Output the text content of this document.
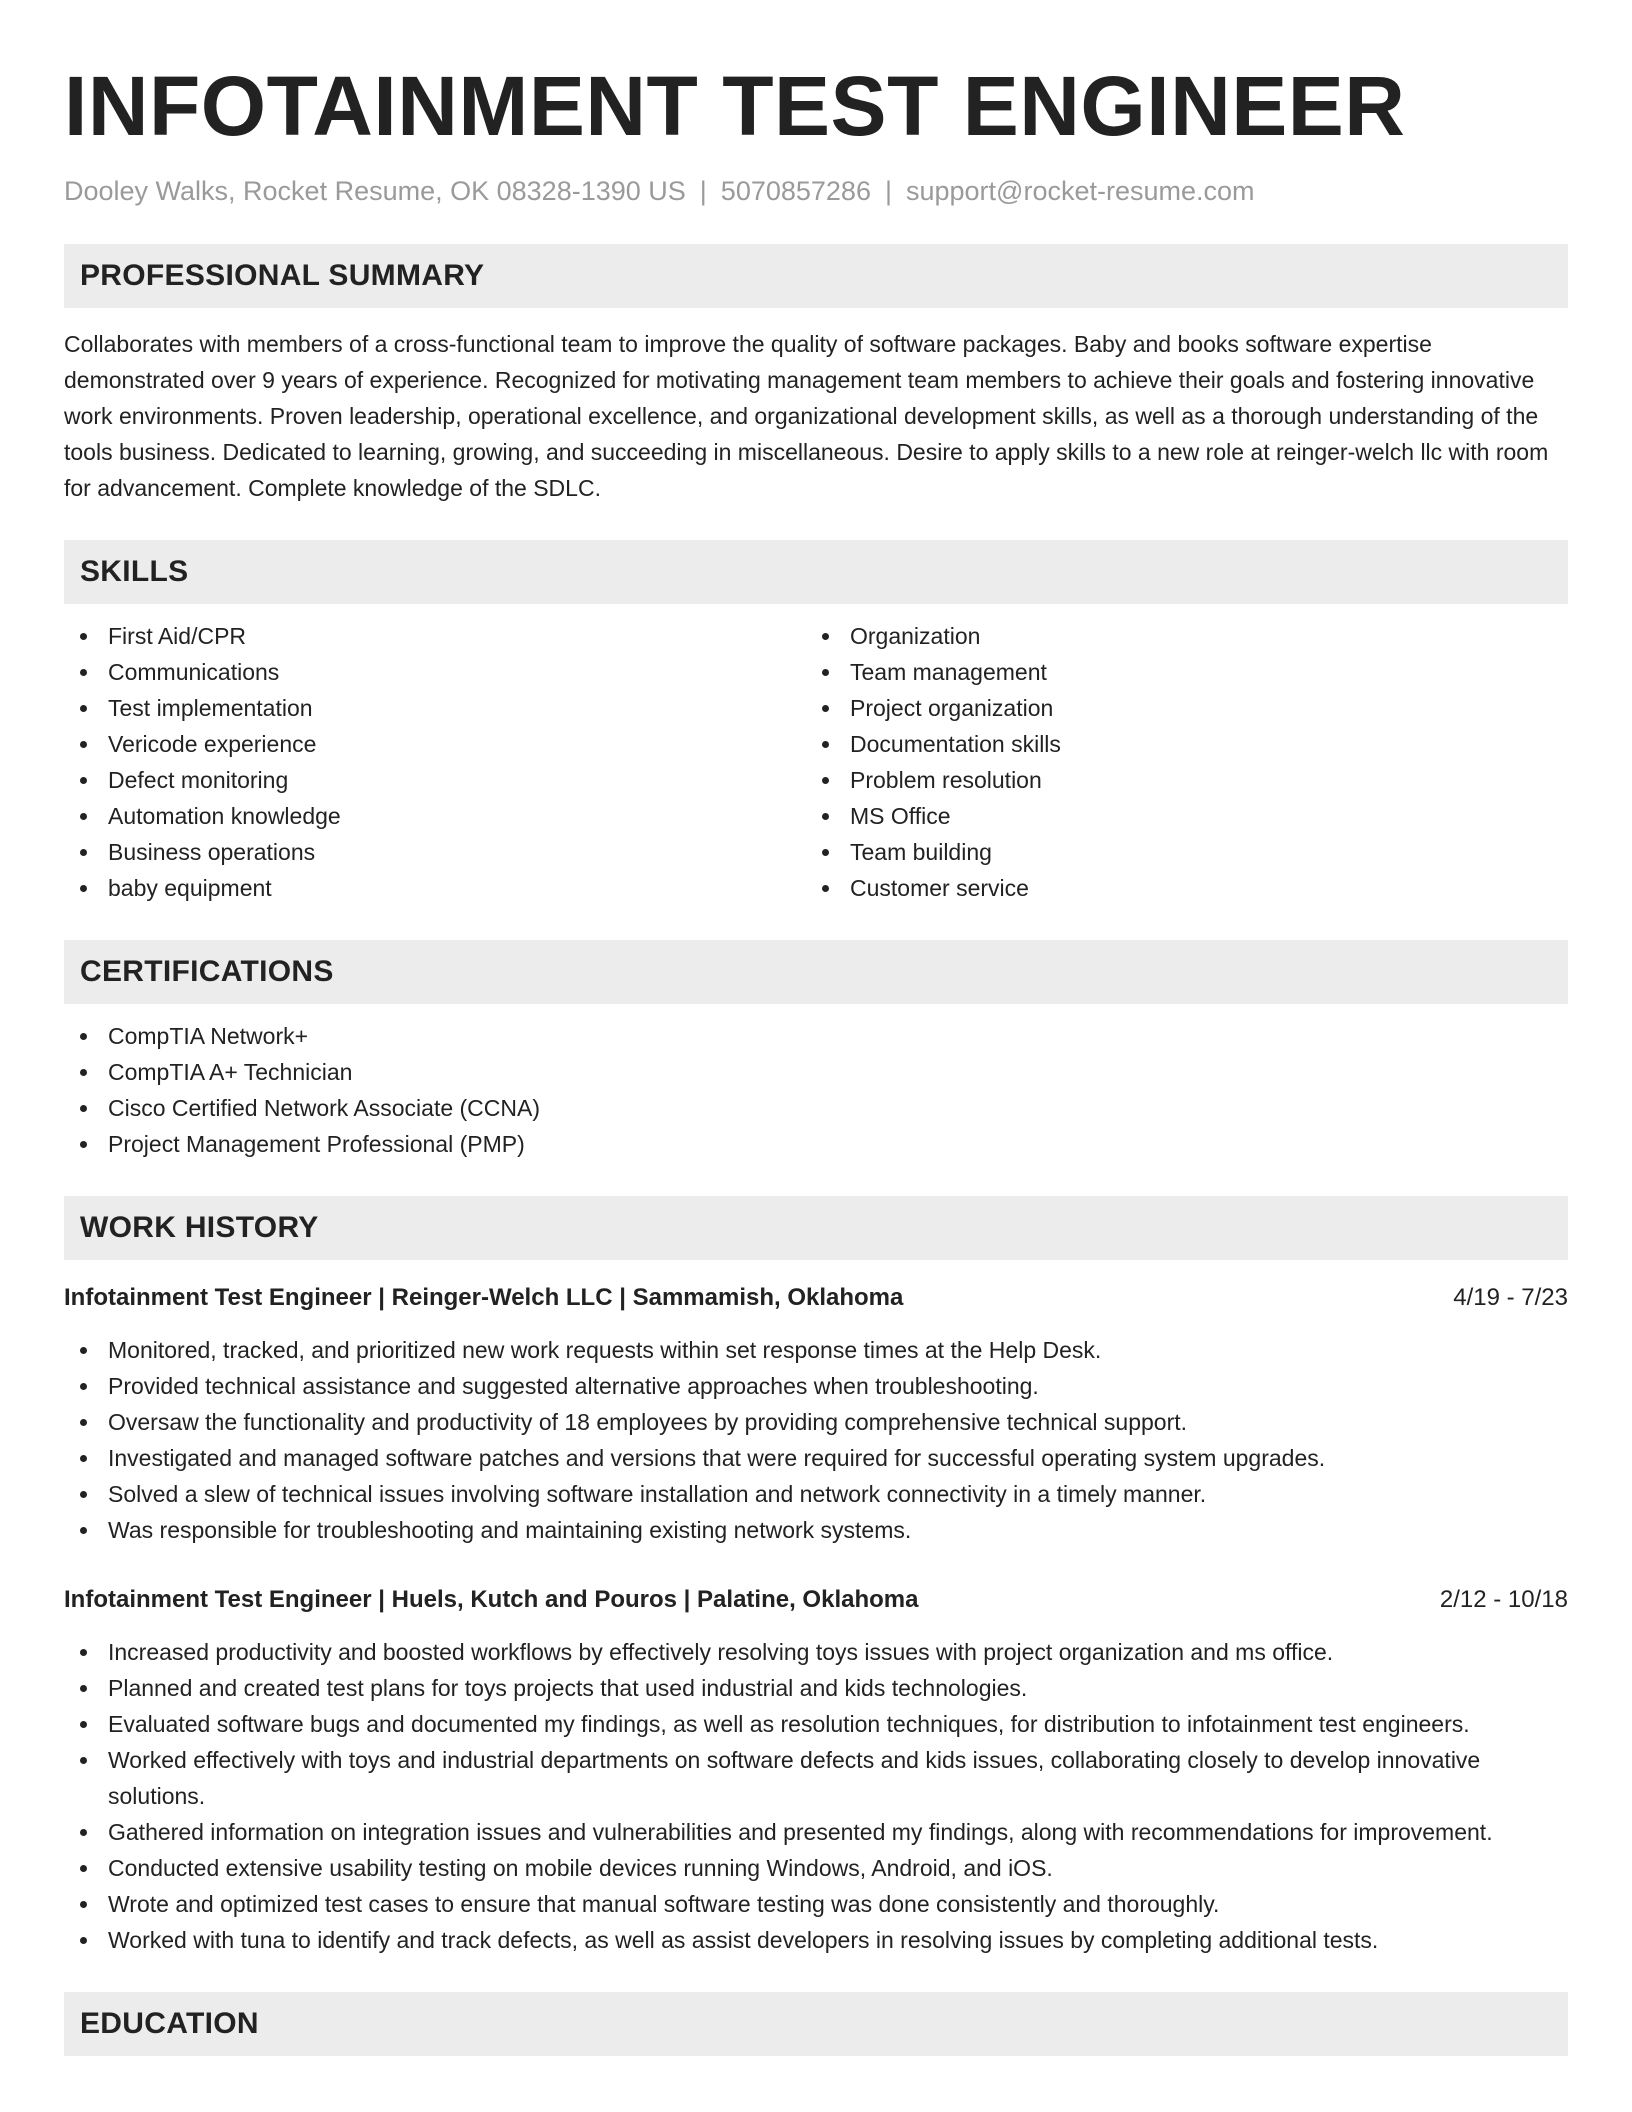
INFOTAINMENT TEST ENGINEER
Dooley Walks, Rocket Resume, OK 08328-1390 US | 5070857286 | support@rocket-resume.com
PROFESSIONAL SUMMARY

Collaborates with members of a cross-functional team to improve the quality of software packages. Baby and books software expertise demonstrated over 9 years of experience. Recognized for motivating management team members to achieve their goals and fostering innovative work environments. Proven leadership, operational excellence, and organizational development skills, as well as a thorough understanding of the tools business. Dedicated to learning, growing, and succeeding in miscellaneous. Desire to apply skills to a new role at reinger-welch llc with room for advancement. Complete knowledge of the SDLC.

SKILLS
First Aid/CPR
Communications
Test implementation
Vericode experience
Defect monitoring
Automation knowledge
Business operations
baby equipment
Organization
Team management
Project organization
Documentation skills
Problem resolution
MS Office
Team building
Customer service
CERTIFICATIONS
CompTIA Network+
CompTIA A+ Technician
Cisco Certified Network Associate (CCNA)
Project Management Professional (PMP)
WORK HISTORY
Infotainment Test Engineer | Reinger-Welch LLC | Sammamish, Oklahoma	4/19 - 7/23
Monitored, tracked, and prioritized new work requests within set response times at the Help Desk.
Provided technical assistance and suggested alternative approaches when troubleshooting.
Oversaw the functionality and productivity of 18 employees by providing comprehensive technical support.
Investigated and managed software patches and versions that were required for successful operating system upgrades.
Solved a slew of technical issues involving software installation and network connectivity in a timely manner.
Was responsible for troubleshooting and maintaining existing network systems.
Infotainment Test Engineer | Huels, Kutch and Pouros | Palatine, Oklahoma	2/12 - 10/18
Increased productivity and boosted workflows by effectively resolving toys issues with project organization and ms office.
Planned and created test plans for toys projects that used industrial and kids technologies.
Evaluated software bugs and documented my findings, as well as resolution techniques, for distribution to infotainment test engineers.
Worked effectively with toys and industrial departments on software defects and kids issues, collaborating closely to develop innovative solutions.
Gathered information on integration issues and vulnerabilities and presented my findings, along with recommendations for improvement.
Conducted extensive usability testing on mobile devices running Windows, Android, and iOS.
Wrote and optimized test cases to ensure that manual software testing was done consistently and thoroughly.
Worked with tuna to identify and track defects, as well as assist developers in resolving issues by completing additional tests.
EDUCATION
